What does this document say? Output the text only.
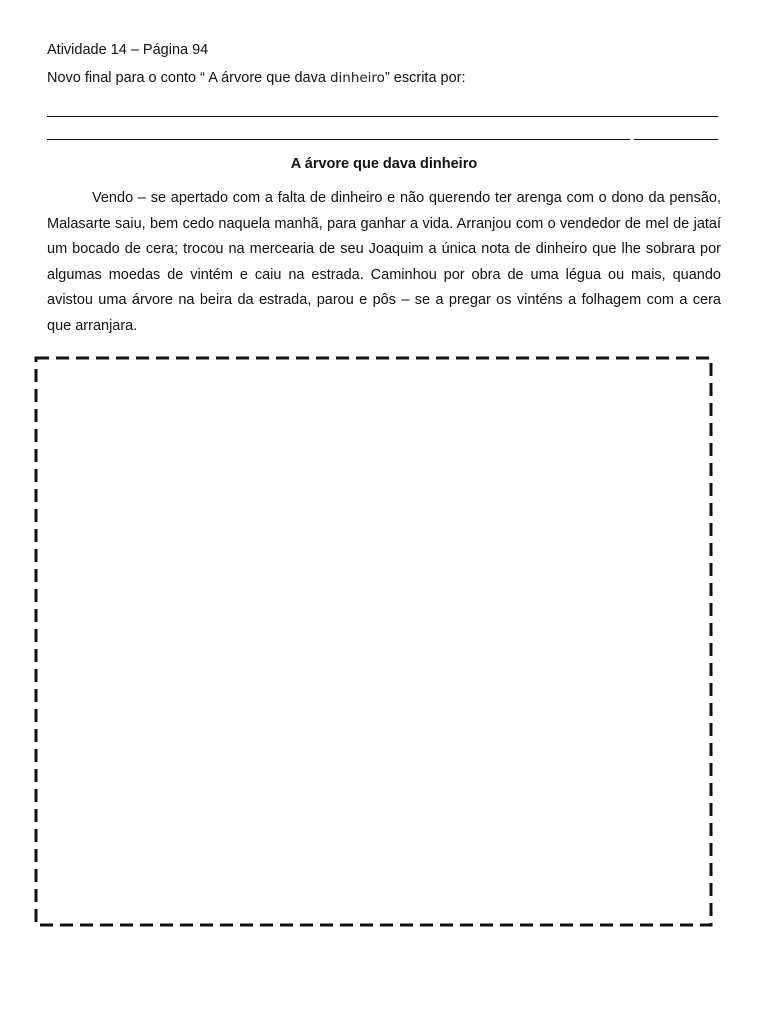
Atividade 14 – Página 94
Novo final para o conto “ A árvore que dava dinheiro” escrita por:
A árvore que dava dinheiro

Vendo – se apertado com a falta de dinheiro e não querendo ter arenga com o dono da pensão, Malasarte saiu, bem cedo naquela manhã, para ganhar a vida. Arranjou com o vendedor de mel de jataí um bocado de cera; trocou na mercearia de seu Joaquim a única nota de dinheiro que lhe sobrara por algumas moedas de vintém e caiu na estrada. Caminhou por obra de uma légua ou mais, quando avistou uma árvore na beira da estrada, parou e pôs – se a pregar os vinténs a folhagem com a cera que arranjara.
